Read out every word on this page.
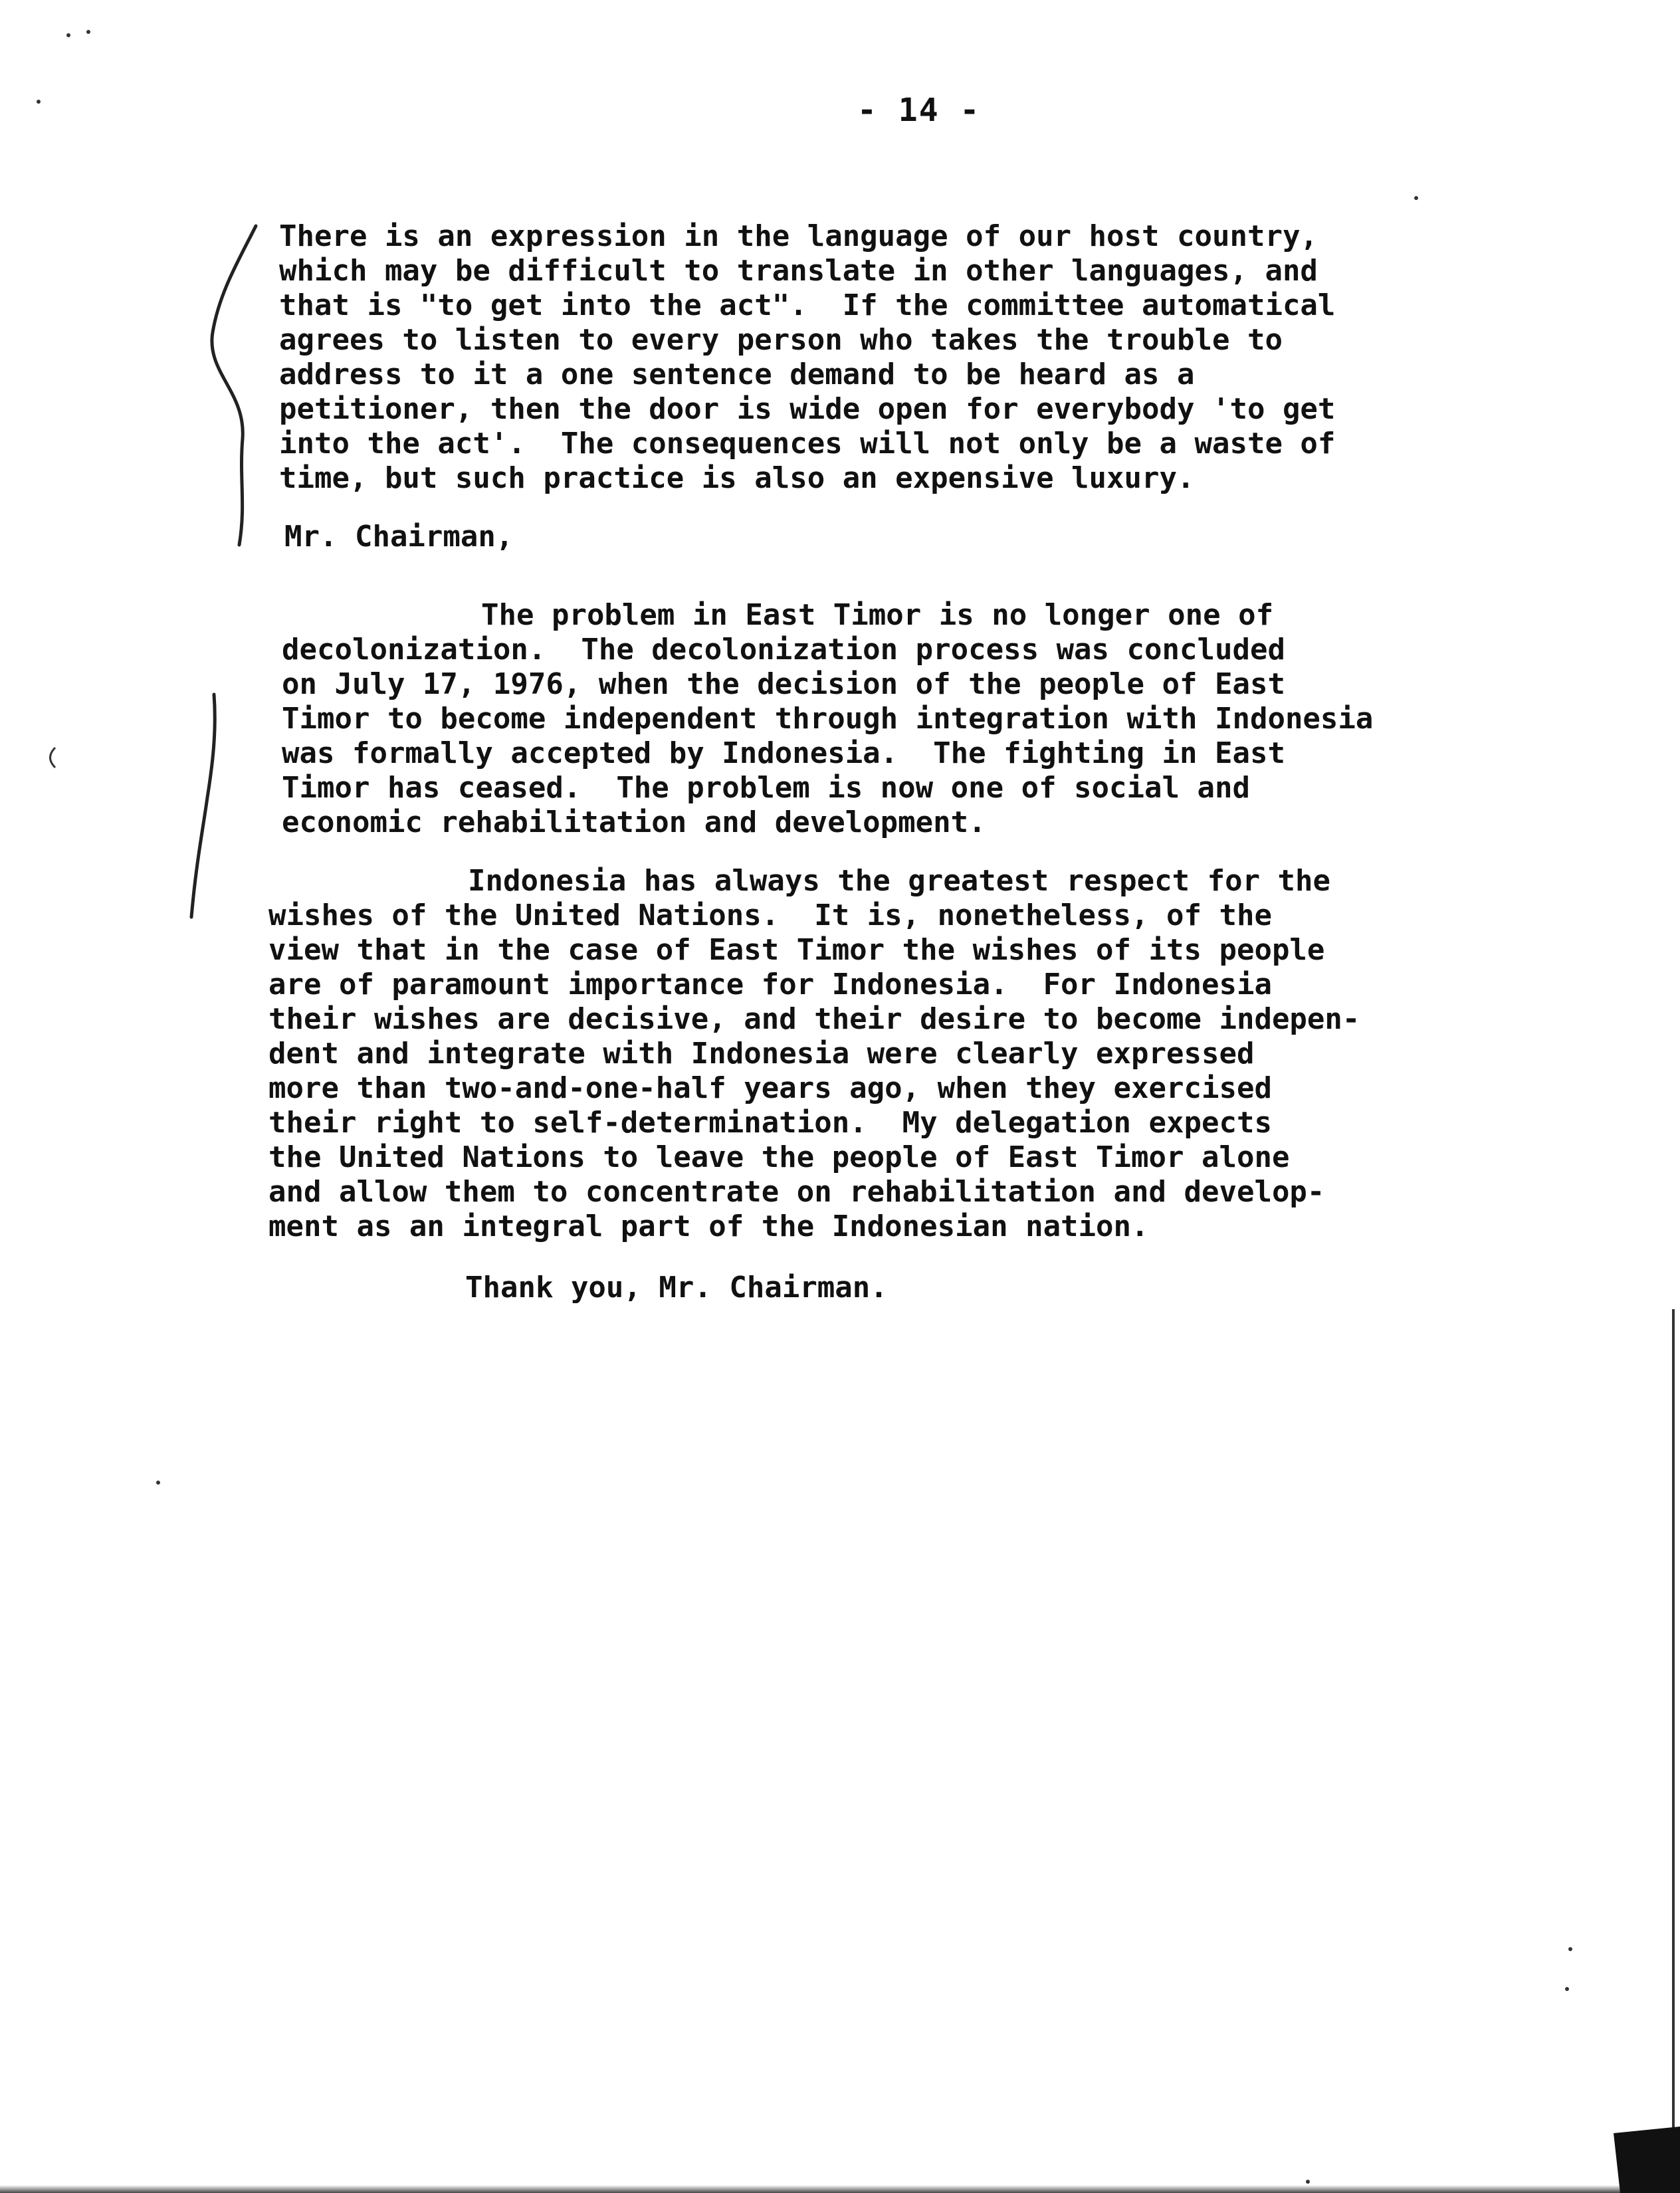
- 14 -
There is an expression in the language of our host country,
which may be difficult to translate in other languages, and
that is "to get into the act".  If the committee automatical
agrees to listen to every person who takes the trouble to
address to it a one sentence demand to be heard as a
petitioner, then the door is wide open for everybody 'to get
into the act'.  The consequences will not only be a waste of
time, but such practice is also an expensive luxury.
Mr. Chairman,
The problem in East Timor is no longer one of
decolonization.  The decolonization process was concluded
on July 17, 1976, when the decision of the people of East
Timor to become independent through integration with Indonesia
was formally accepted by Indonesia.  The fighting in East
Timor has ceased.  The problem is now one of social and
economic rehabilitation and development.
Indonesia has always the greatest respect for the
wishes of the United Nations.  It is, nonetheless, of the
view that in the case of East Timor the wishes of its people
are of paramount importance for Indonesia.  For Indonesia
their wishes are decisive, and their desire to become indepen-
dent and integrate with Indonesia were clearly expressed
more than two-and-one-half years ago, when they exercised
their right to self-determination.  My delegation expects
the United Nations to leave the people of East Timor alone
and allow them to concentrate on rehabilitation and develop-
ment as an integral part of the Indonesian nation.
Thank you, Mr. Chairman.
